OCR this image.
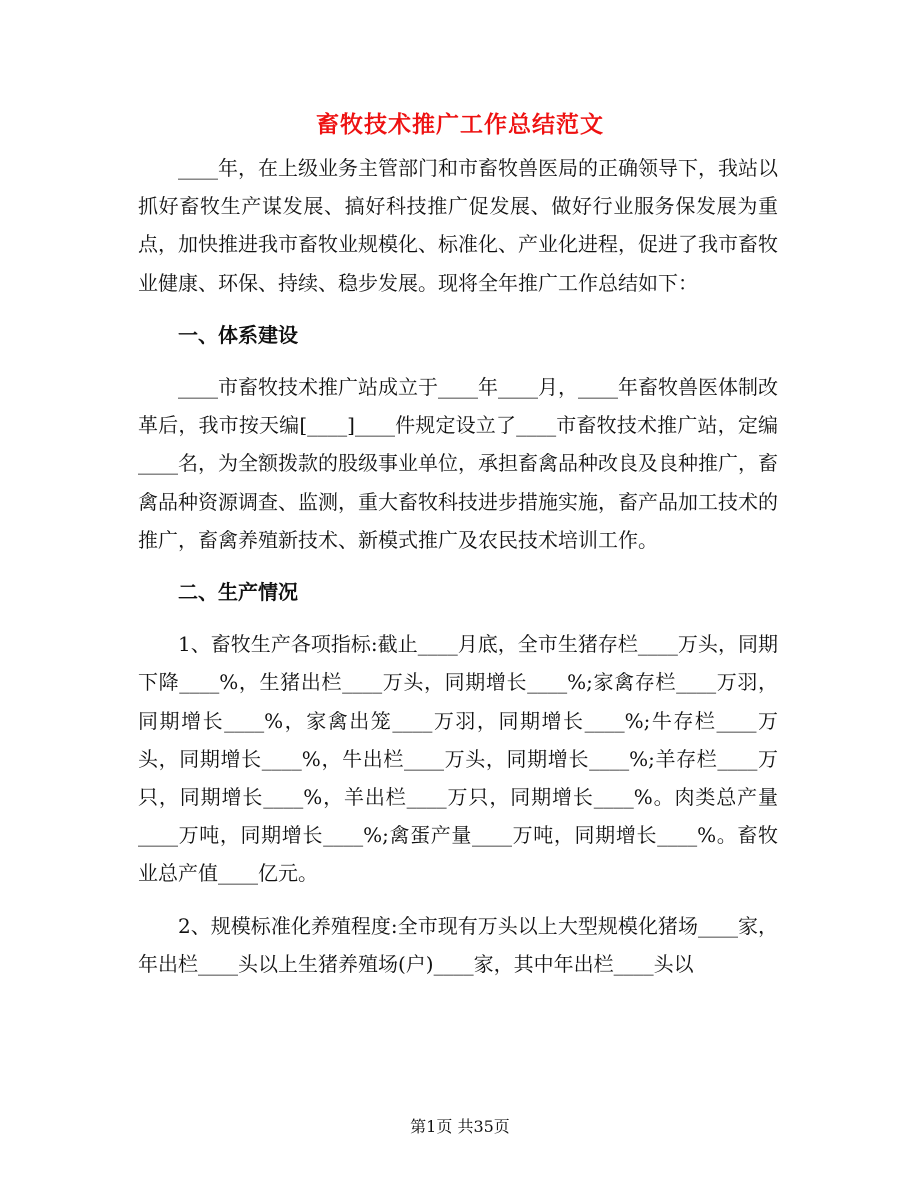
畜牧技术推广工作总结范文

____年，在上级业务主管部门和市畜牧兽医局的正确领导下，我站以抓好畜牧生产谋发展、搞好科技推广促发展、做好行业服务保发展为重点，加快推进我市畜牧业规模化、标准化、产业化进程，促进了我市畜牧业健康、环保、持续、稳步发展。现将全年推广工作总结如下：

一、体系建设

____市畜牧技术推广站成立于____年____月，____年畜牧兽医体制改革后，我市按天编[____]____件规定设立了____市畜牧技术推广站，定编____名，为全额拨款的股级事业单位，承担畜禽品种改良及良种推广，畜禽品种资源调查、监测，重大畜牧科技进步措施实施，畜产品加工技术的推广，畜禽养殖新技术、新模式推广及农民技术培训工作。

二、生产情况

1、畜牧生产各项指标:截止____月底，全市生猪存栏____万头，同期下降____%，生猪出栏____万头，同期增长____%;家禽存栏____万羽，同期增长____%，家禽出笼____万羽，同期增长____%;牛存栏____万头，同期增长____%，牛出栏____万头，同期增长____%;羊存栏____万只，同期增长____%，羊出栏____万只，同期增长____%。肉类总产量____万吨，同期增长____%;禽蛋产量____万吨，同期增长____%。畜牧业总产值____亿元。

2、规模标准化养殖程度:全市现有万头以上大型规模化猪场____家，年出栏____头以上生猪养殖场(户)____家，其中年出栏____头以

第1页 共35页
